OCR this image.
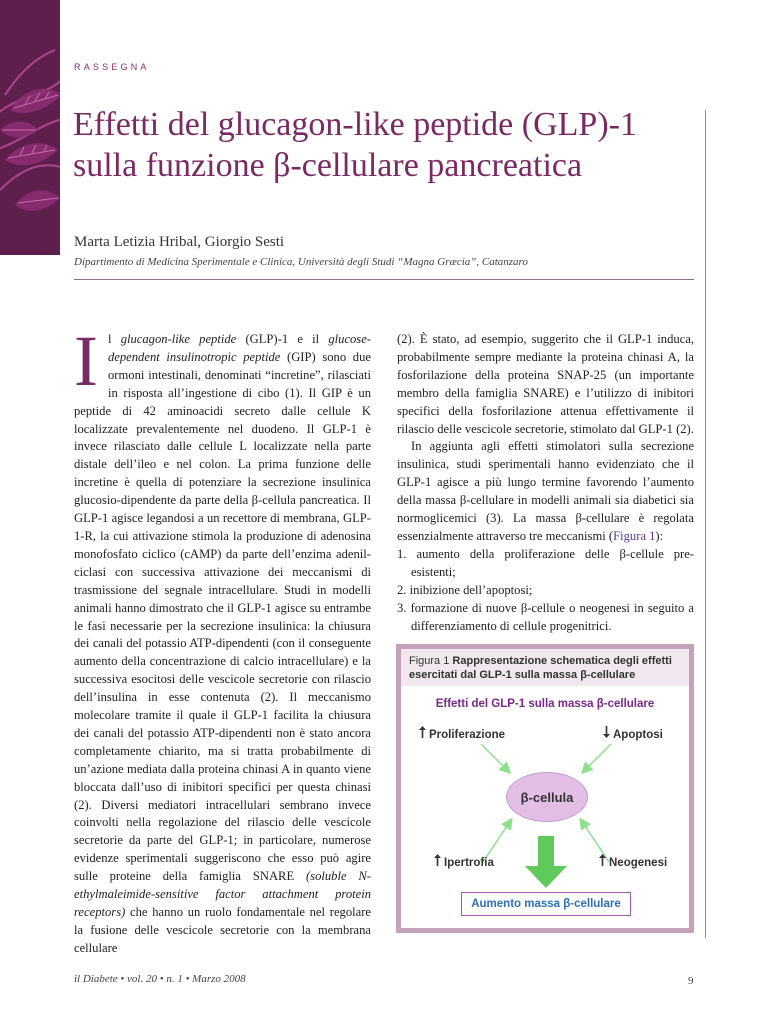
RASSEGNA
Effetti del glucagon-like peptide (GLP)-1
sulla funzione β-cellulare pancreatica
Marta Letizia Hribal, Giorgio Sesti
Dipartimento di Medicina Sperimentale e Clinica, Università degli Studi “Magna Græcia”, Catanzaro

Il glucagon-like peptide (GLP)-1 e il glucose-dependent insulinotropic peptide (GIP) sono due ormoni intestinali, denominati “incretine”, rilasciati in risposta all’ingestione di cibo (1). Il GIP è un peptide di 42 aminoacidi secreto dalle cellule K localizzate prevalentemente nel duodeno. Il GLP-1 è invece rilasciato dalle cellule L localizzate nella parte distale dell’ileo e nel colon. La prima funzione delle incretine è quella di potenziare la secrezione insulinica glucosio-dipendente da parte della β-cellula pancreatica. Il GLP-1 agisce legandosi a un recettore di membrana, GLP-1-R, la cui attivazione stimola la produzione di adenosina monofosfato ciclico (cAMP) da parte dell’enzima adenil-ciclasi con successiva attivazione dei meccanismi di trasmissione del segnale intracellulare. Studi in modelli animali hanno dimostrato che il GLP-1 agisce su entrambe le fasi necessarie per la secrezione insulinica: la chiusura dei canali del potassio ATP-dipendenti (con il conseguente aumento della concentrazione di calcio intracellulare) e la successiva esocitosi delle vescicole secretorie con rilascio dell’insulina in esse contenuta (2). Il meccanismo molecolare tramite il quale il GLP-1 facilita la chiusura dei canali del potassio ATP-dipendenti non è stato ancora completamente chiarito, ma si tratta probabilmente di un’azione mediata dalla proteina chinasi A in quanto viene bloccata dall’uso di inibitori specifici per questa chinasi (2). Diversi mediatori intracellulari sembrano invece coinvolti nella regolazione del rilascio delle vescicole secretorie da parte del GLP-1; in particolare, numerose evidenze sperimentali suggeriscono che esso può agire sulle proteine della famiglia SNARE (soluble N-ethylmaleimide-sensitive factor attachment protein receptors) che hanno un ruolo fondamentale nel regolare la fusione delle vescicole secretorie con la membrana cellulare

(2). È stato, ad esempio, suggerito che il GLP-1 induca, probabilmente sempre mediante la proteina chinasi A, la fosforilazione della proteina SNAP-25 (un importante membro della famiglia SNARE) e l’utilizzo di inibitori specifici della fosforilazione attenua effettivamente il rilascio delle vescicole secretorie, stimolato dal GLP-1 (2).

In aggiunta agli effetti stimolatori sulla secrezione insulinica, studi sperimentali hanno evidenziato che il GLP-1 agisce a più lungo termine favorendo l’aumento della massa β-cellulare in modelli animali sia diabetici sia normoglicemici (3). La massa β-cellulare è regolata essenzialmente attraverso tre meccanismi (Figura 1):

1. aumento della proliferazione delle β-cellule pre-esistenti;
2. inibizione dell’apoptosi;
3. formazione di nuove β-cellule o neogenesi in seguito a differenziamento di cellule progenitrici.
Figura 1 Rappresentazione schematica degli effetti esercitati dal GLP-1 sulla massa β-cellulare
Effetti del GLP-1 sulla massa β-cellulare
Proliferazione	Apoptosi
β-cellula
Ipertrofia	Neogenesi
Aumento massa β-cellulare
il Diabete • vol. 20 • n. 1 • Marzo 2008	9
